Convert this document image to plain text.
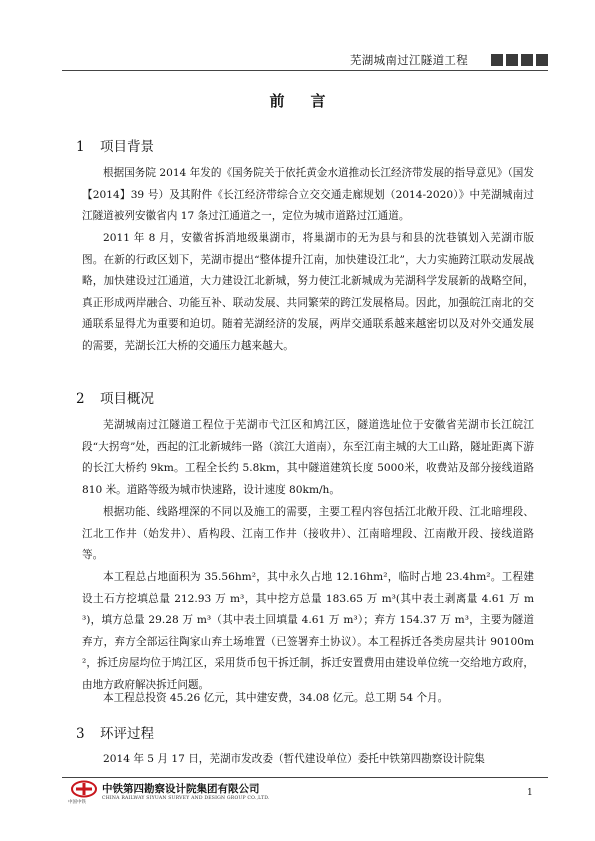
芜湖城南过江隧道工程
前言
1 项目背景

根据国务院 2014 年发的《国务院关于依托黄金水道推动长江经济带发展的指导意见》（国发【2014】39 号）及其附件《长江经济带综合立交交通走廊规划（2014-2020）》中芜湖城南过江隧道被列安徽省内 17 条过江通道之一，定位为城市道路过江通道。

2011 年 8 月，安徽省拆消地级巢湖市，将巢湖市的无为县与和县的沈巷镇划入芜湖市版图。在新的行政区划下，芜湖市提出“整体提升江南，加快建设江北”，大力实施跨江联动发展战略，加快建设过江通道，大力建设江北新城，努力使江北新城成为芜湖科学发展新的战略空间，真正形成两岸融合、功能互补、联动发展、共同繁荣的跨江发展格局。因此，加强皖江南北的交通联系显得尤为重要和迫切。随着芜湖经济的发展，两岸交通联系越来越密切以及对外交通发展的需要，芜湖长江大桥的交通压力越来越大。

2 项目概况

芜湖城南过江隧道工程位于芜湖市弋江区和鸠江区，隧道选址位于安徽省芜湖市长江皖江段“大拐弯”处，西起的江北新城纬一路（滨江大道南），东至江南主城的大工山路，隧址距离下游的长江大桥约 9km。工程全长约 5.8km，其中隧道建筑长度 5000米，收费站及部分接线道路 810 米。道路等级为城市快速路，设计速度 80km/h。

根据功能、线路埋深的不同以及施工的需要，主要工程内容包括江北敞开段、江北暗埋段、江北工作井（始发井）、盾构段、江南工作井（接收井）、江南暗埋段、江南敞开段、接线道路等。

本工程总占地面积为 35.56hm²，其中永久占地 12.16hm²，临时占地 23.4hm²。工程建设土石方挖填总量 212.93 万 m³，其中挖方总量 183.65 万 m³(其中表土剥离量 4.61 万 m³)，填方总量 29.28 万 m³（其中表土回填量 4.61 万 m³）；弃方 154.37 万 m³，主要为隧道弃方，弃方全部运往陶家山弃土场堆置（已签署弃土协议）。本工程拆迁各类房屋共计 90100m²，拆迁房屋均位于鸠江区，采用货币包干拆迁制，拆迁安置费用由建设单位统一交给地方政府，由地方政府解决拆迁问题。

本工程总投资 45.26 亿元，其中建安费，34.08 亿元。总工期 54 个月。

3 环评过程

2014 年 5 月 17 日，芜湖市发改委（暂代建设单位）委托中铁第四勘察设计院集

中国中铁
中铁第四勘察设计院集团有限公司
CHINA RAILWAY SIYUAN SURVEY AND DESIGN GROUP CO.,LTD.
1
